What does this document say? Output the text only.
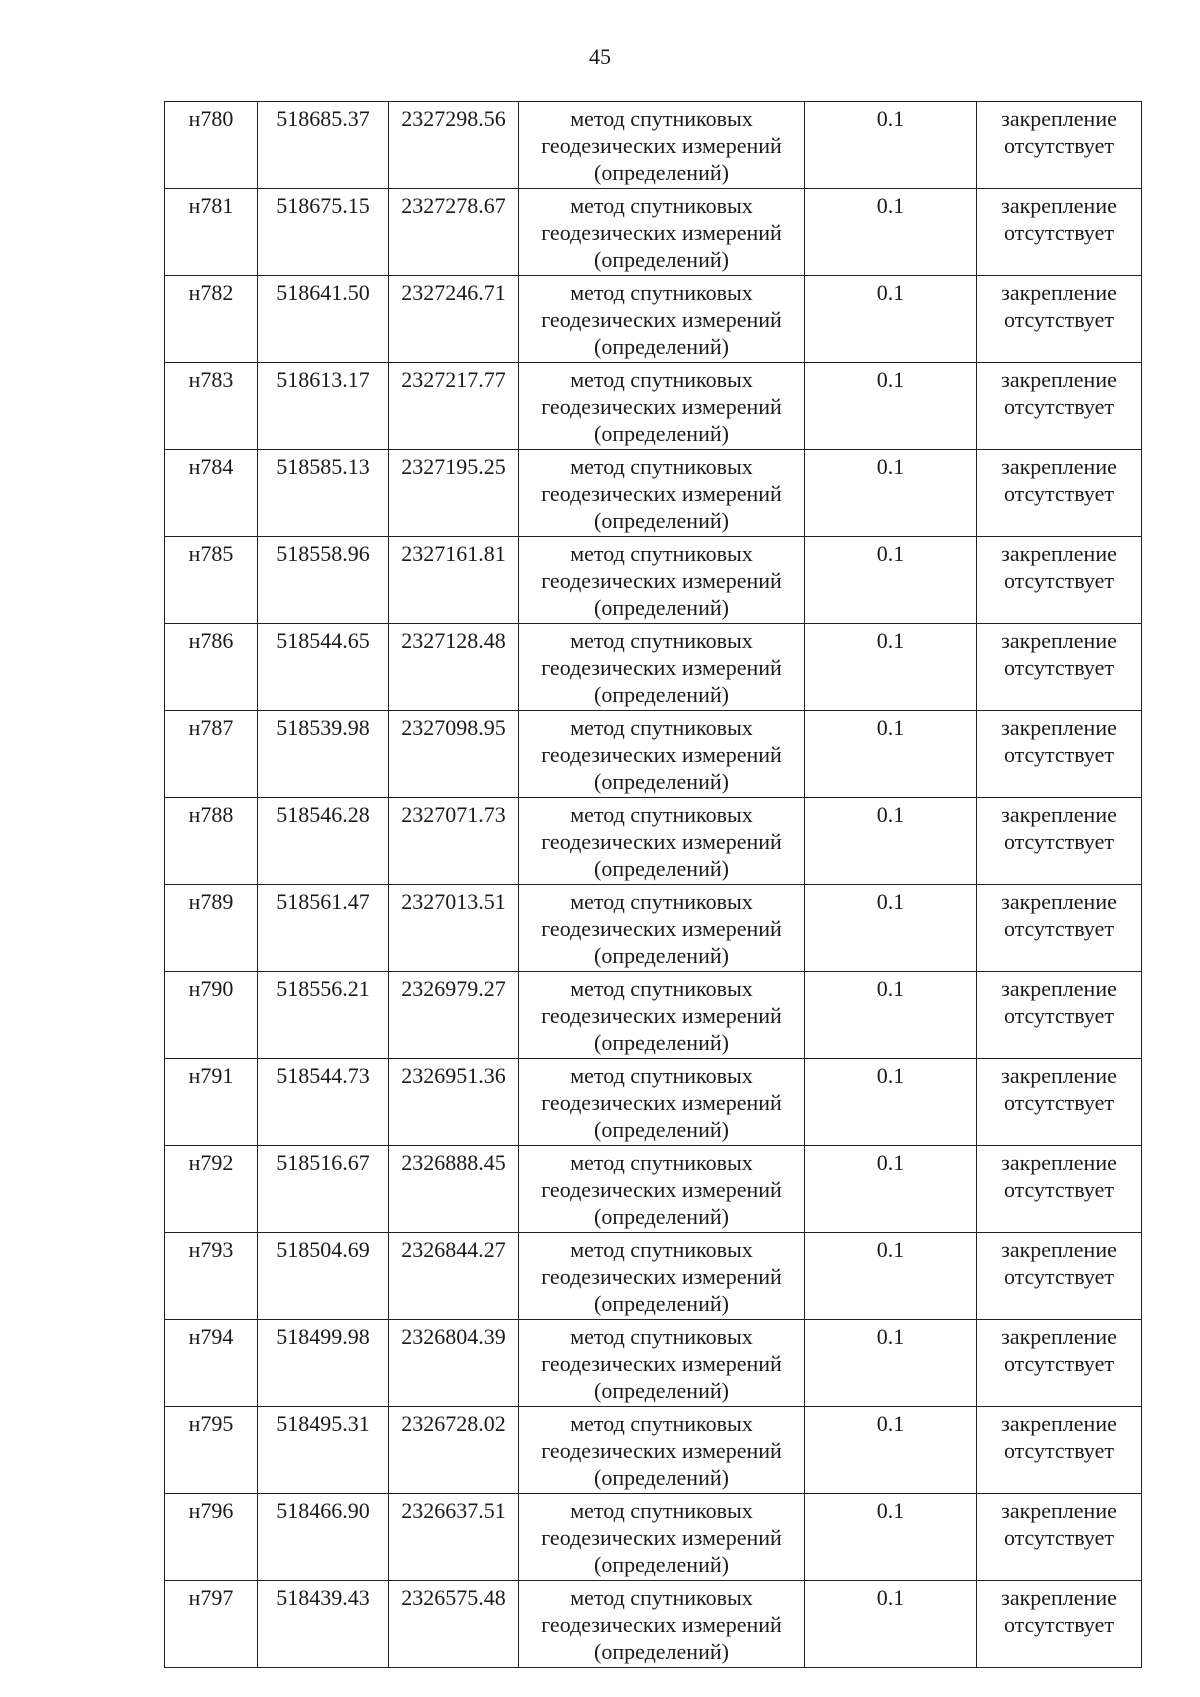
45
н780	518685.37	2327298.56	метод спутниковых геодезических измерений (определений)	0.1	закрепление отсутствует
н781	518675.15	2327278.67	метод спутниковых геодезических измерений (определений)	0.1	закрепление отсутствует
н782	518641.50	2327246.71	метод спутниковых геодезических измерений (определений)	0.1	закрепление отсутствует
н783	518613.17	2327217.77	метод спутниковых геодезических измерений (определений)	0.1	закрепление отсутствует
н784	518585.13	2327195.25	метод спутниковых геодезических измерений (определений)	0.1	закрепление отсутствует
н785	518558.96	2327161.81	метод спутниковых геодезических измерений (определений)	0.1	закрепление отсутствует
н786	518544.65	2327128.48	метод спутниковых геодезических измерений (определений)	0.1	закрепление отсутствует
н787	518539.98	2327098.95	метод спутниковых геодезических измерений (определений)	0.1	закрепление отсутствует
н788	518546.28	2327071.73	метод спутниковых геодезических измерений (определений)	0.1	закрепление отсутствует
н789	518561.47	2327013.51	метод спутниковых геодезических измерений (определений)	0.1	закрепление отсутствует
н790	518556.21	2326979.27	метод спутниковых геодезических измерений (определений)	0.1	закрепление отсутствует
н791	518544.73	2326951.36	метод спутниковых геодезических измерений (определений)	0.1	закрепление отсутствует
н792	518516.67	2326888.45	метод спутниковых геодезических измерений (определений)	0.1	закрепление отсутствует
н793	518504.69	2326844.27	метод спутниковых геодезических измерений (определений)	0.1	закрепление отсутствует
н794	518499.98	2326804.39	метод спутниковых геодезических измерений (определений)	0.1	закрепление отсутствует
н795	518495.31	2326728.02	метод спутниковых геодезических измерений (определений)	0.1	закрепление отсутствует
н796	518466.90	2326637.51	метод спутниковых геодезических измерений (определений)	0.1	закрепление отсутствует
н797	518439.43	2326575.48	метод спутниковых геодезических измерений (определений)	0.1	закрепление отсутствует
